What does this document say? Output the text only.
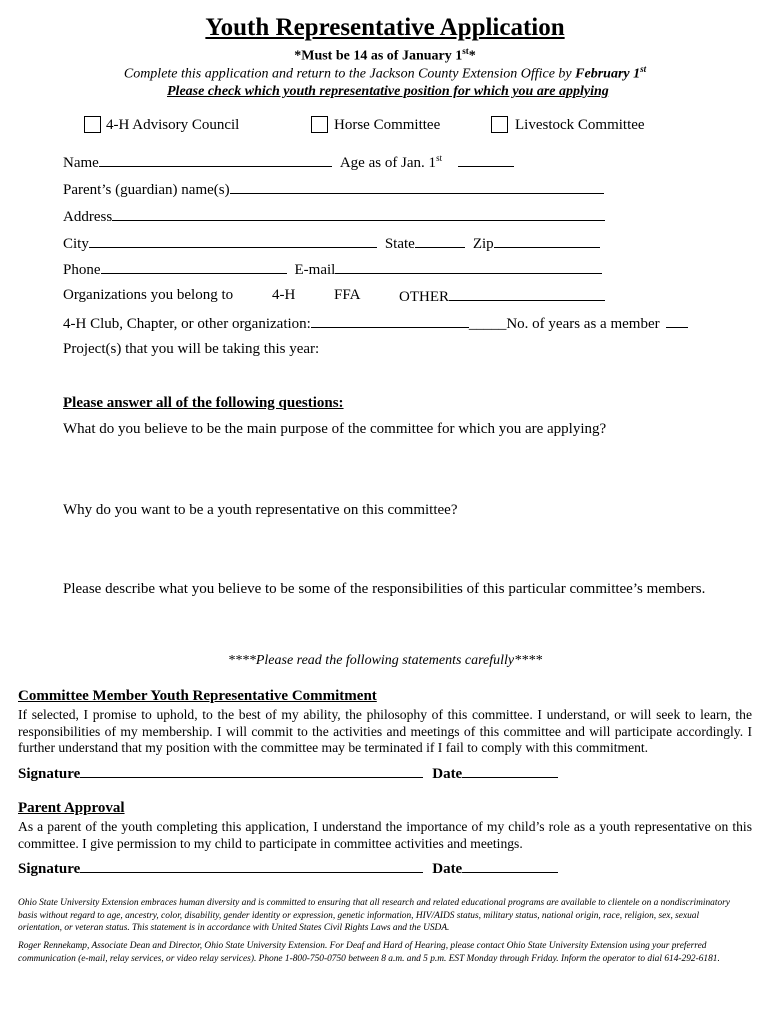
Youth Representative Application
*Must be 14 as of January 1st*
Complete this application and return to the Jackson County Extension Office by February 1st
Please check which youth representative position for which you are applying
4-H Advisory Council	Horse Committee	Livestock Committee
Name	Age as of Jan. 1st
Parent’s (guardian) name(s)
Address
City	State	Zip
Phone	E-mail
Organizations you belong to	4-H	FFA	OTHER
4-H Club, Chapter, or other organization:	_____No. of years as a member
Project(s) that you will be taking this year:
Please answer all of the following questions:
What do you believe to be the main purpose of the committee for which you are applying?
Why do you want to be a youth representative on this committee?
Please describe what you believe to be some of the responsibilities of this particular committee’s members.
****Please read the following statements carefully****
Committee Member Youth Representative Commitment
If selected, I promise to uphold, to the best of my ability, the philosophy of this committee. I understand, or will seek to learn, the responsibilities of my membership. I will commit to the activities and meetings of this committee and will participate accordingly. I further understand that my position with the committee may be terminated if I fail to comply with this commitment.
Signature	Date
Parent Approval
As a parent of the youth completing this application, I understand the importance of my child’s role as a youth representative on this committee. I give permission to my child to participate in committee activities and meetings.
Signature	Date
Ohio State University Extension embraces human diversity and is committed to ensuring that all research and related educational programs are available to clientele on a nondiscriminatory basis without regard to age, ancestry, color, disability, gender identity or expression, genetic information, HIV/AIDS status, military status, national origin, race, religion, sex, sexual orientation, or veteran status. This statement is in accordance with United States Civil Rights Laws and the USDA.
Roger Rennekamp, Associate Dean and Director, Ohio State University Extension. For Deaf and Hard of Hearing, please contact Ohio State University Extension using your preferred communication (e-mail, relay services, or video relay services). Phone 1-800-750-0750 between 8 a.m. and 5 p.m. EST Monday through Friday. Inform the operator to dial 614-292-6181.
